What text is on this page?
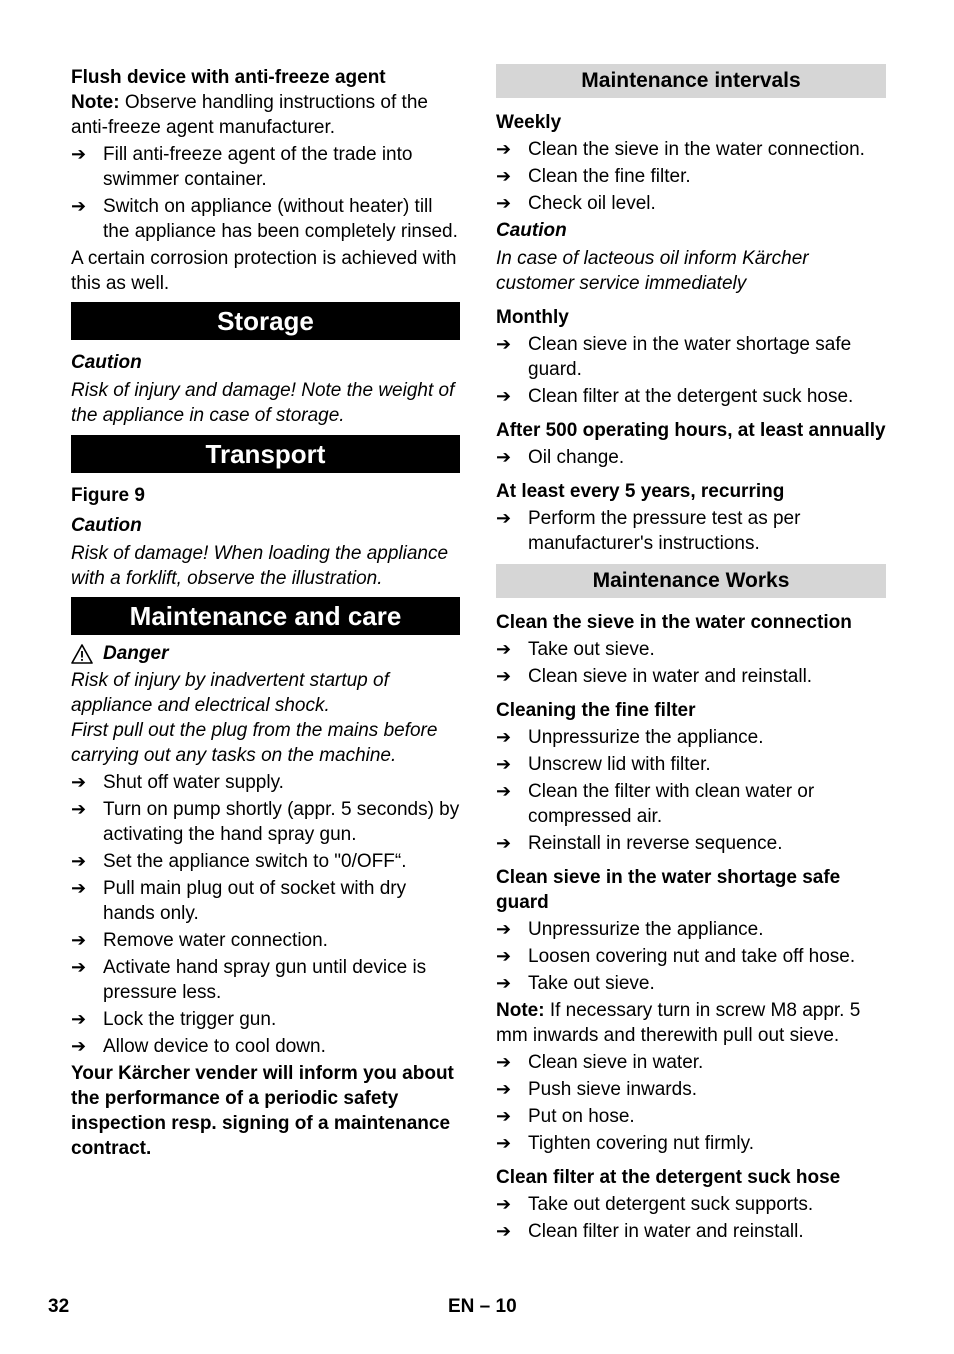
Flush device with anti-freeze agent

Note: Observe handling instructions of the anti-freeze agent manufacturer.

➔ Fill anti-freeze agent of the trade into swimmer container.
➔ Switch on appliance (without heater) till the appliance has been completely rinsed.

A certain corrosion protection is achieved with this as well.

Storage

Caution

Risk of injury and damage! Note the weight of the appliance in case of storage.

Transport

Figure 9

Caution

Risk of damage! When loading the appliance with a forklift, observe the illustration.

Maintenance and care
Danger

Risk of injury by inadvertent startup of appliance and electrical shock.

First pull out the plug from the mains before carrying out any tasks on the machine.

➔ Shut off water supply.
➔ Turn on pump shortly (appr. 5 seconds) by activating the hand spray gun.
➔ Set the appliance switch to "0/OFF“.
➔ Pull main plug out of socket with dry hands only.
➔ Remove water connection.
➔ Activate hand spray gun until device is pressure less.
➔ Lock the trigger gun.
➔ Allow device to cool down.

Your Kärcher vender will inform you about the performance of a periodic safety inspection resp. signing of a maintenance contract.

Maintenance intervals

Weekly

➔ Clean the sieve in the water connection.
➔ Clean the fine filter.
➔ Check oil level.

Caution

In case of lacteous oil inform Kärcher customer service immediately

Monthly

➔ Clean sieve in the water shortage safe guard.
➔ Clean filter at the detergent suck hose.

After 500 operating hours, at least annually

➔ Oil change.

At least every 5 years, recurring

➔ Perform the pressure test as per manufacturer's instructions.
Maintenance Works

Clean the sieve in the water connection

➔ Take out sieve.
➔ Clean sieve in water and reinstall.

Cleaning the fine filter

➔ Unpressurize the appliance.
➔ Unscrew lid with filter.
➔ Clean the filter with clean water or compressed air.
➔ Reinstall in reverse sequence.

Clean sieve in the water shortage safe guard

➔ Unpressurize the appliance.
➔ Loosen covering nut and take off hose.
➔ Take out sieve.

Note: If necessary turn in screw M8 appr. 5 mm inwards and therewith pull out sieve.

➔ Clean sieve in water.
➔ Push sieve inwards.
➔ Put on hose.
➔ Tighten covering nut firmly.

Clean filter at the detergent suck hose

➔ Take out detergent suck supports.
➔ Clean filter in water and reinstall.
32	EN – 10
